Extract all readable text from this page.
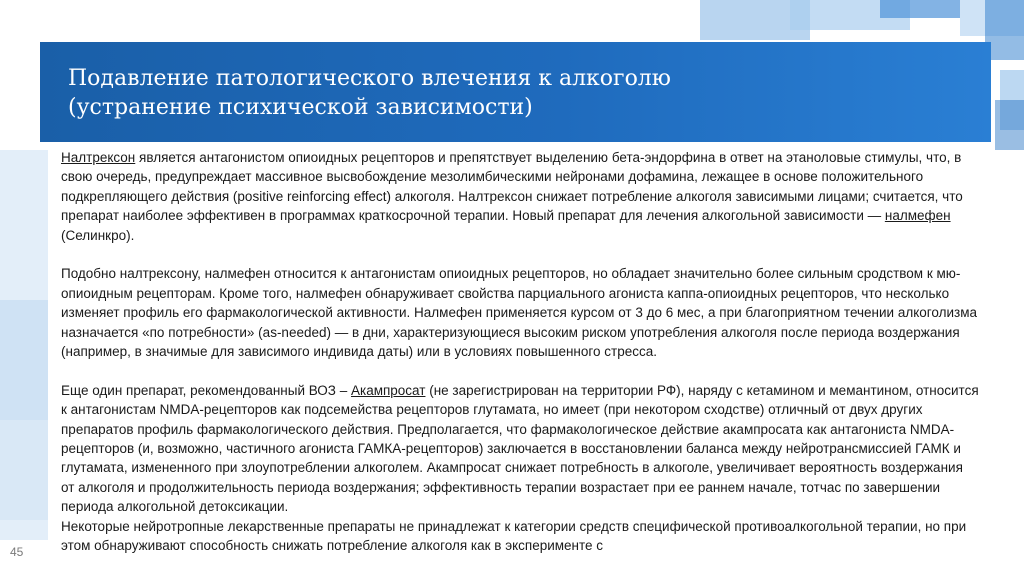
Подавление патологического влечения к алкоголю

(устранение психической зависимости)

Налтрексон является антагонистом опиоидных рецепторов и препятствует выделению бета-эндорфина в ответ на этаноловые стимулы, что, в свою очередь, предупреждает массивное высвобождение мезолимбическими нейронами дофамина, лежащее в основе положительного подкрепляющего действия (positive reinforcing effect) алкоголя. Налтрексон снижает потребление алкоголя зависимыми лицами; считается, что препарат наиболее эффективен в программах краткосрочной терапии. Новый препарат для лечения алкогольной зависимости — налмефен (Селинкро).

Подобно налтрексону, налмефен относится к антагонистам опиоидных рецепторов, но обладает значительно более сильным сродством к мю-опиоидным рецепторам. Кроме того, налмефен обнаруживает свойства парциального агониста каппа-опиоидных рецепторов, что несколько изменяет профиль его фармакологической активности. Налмефен применяется курсом от 3 до 6 мес, а при благоприятном течении алкоголизма назначается «по потребности» (as-needed) — в дни, характеризующиеся высоким риском употребления алкоголя после периода воздержания (например, в значимые для зависимого индивида даты) или в условиях повышенного стресса.

Еще один препарат, рекомендованный ВОЗ – Акампросат (не зарегистрирован на территории РФ), наряду с кетамином и мемантином, относится к антагонистам NMDA-рецепторов как подсемейства рецепторов глутамата, но имеет (при некотором сходстве) отличный от двух других препаратов профиль фармакологического действия. Предполагается, что фармакологическое действие акампросата как антагониста NMDA-рецепторов (и, возможно, частичного агониста ГАМКА-рецепторов) заключается в восстановлении баланса между нейротрансмиссией ГАМК и глутамата, измененного при злоупотреблении алкоголем. Акампросат снижает потребность в алкоголе, увеличивает вероятность воздержания от алкоголя и продолжительность периода воздержания; эффективность терапии возрастает при ее раннем начале, тотчас по завершении периода алкогольной детоксикации.

Некоторые нейротропные лекарственные препараты не принадлежат к категории средств специфической противоалкогольной терапии, но при этом обнаруживают способность снижать потребление алкоголя как в эксперименте с

45
